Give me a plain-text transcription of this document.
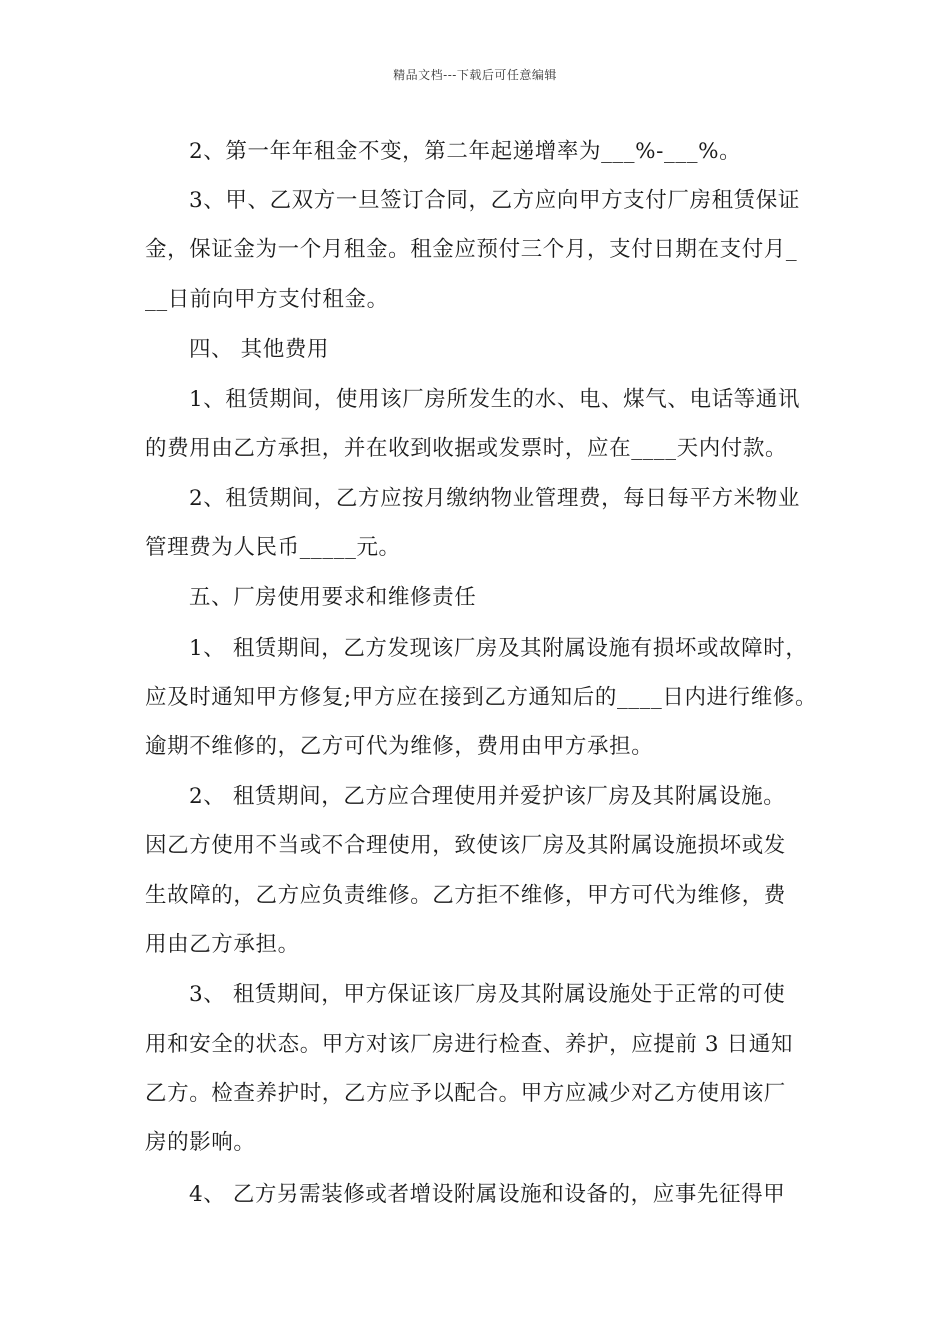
精品文档---下载后可任意编辑
2、第一年年租金不变，第二年起递增率为___%-___%。
3、甲、乙双方一旦签订合同，乙方应向甲方支付厂房租赁保证
金，保证金为一个月租金。租金应预付三个月，支付日期在支付月_
__日前向甲方支付租金。
四、 其他费用
1、租赁期间，使用该厂房所发生的水、电、煤气、电话等通讯
的费用由乙方承担，并在收到收据或发票时，应在____天内付款。
2、租赁期间，乙方应按月缴纳物业管理费，每日每平方米物业
管理费为人民币_____元。
五、厂房使用要求和维修责任
1、 租赁期间，乙方发现该厂房及其附属设施有损坏或故障时，
应及时通知甲方修复;甲方应在接到乙方通知后的____日内进行维修。
逾期不维修的，乙方可代为维修，费用由甲方承担。
2、 租赁期间，乙方应合理使用并爱护该厂房及其附属设施。
因乙方使用不当或不合理使用，致使该厂房及其附属设施损坏或发
生故障的，乙方应负责维修。乙方拒不维修，甲方可代为维修，费
用由乙方承担。
3、 租赁期间，甲方保证该厂房及其附属设施处于正常的可使
用和安全的状态。甲方对该厂房进行检查、养护，应提前 3 日通知
乙方。检查养护时，乙方应予以配合。甲方应减少对乙方使用该厂
房的影响。
4、 乙方另需装修或者增设附属设施和设备的，应事先征得甲
